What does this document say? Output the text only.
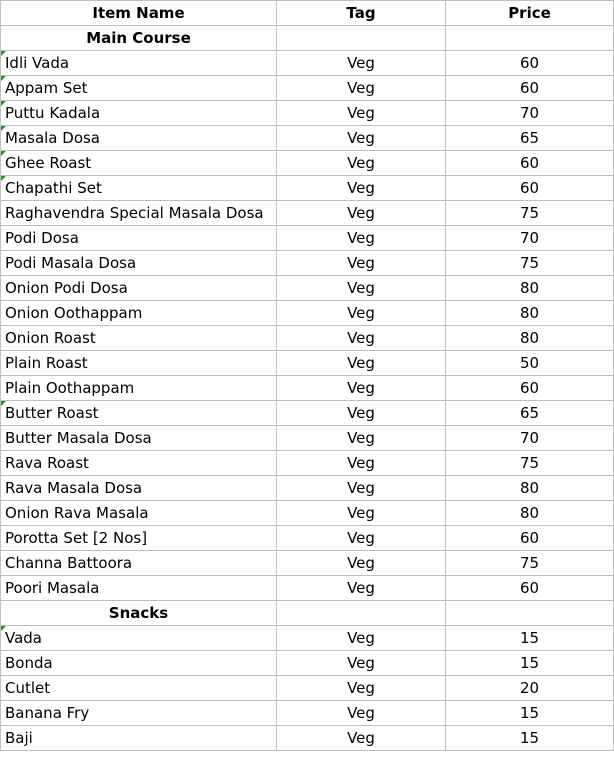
Item Name	Tag	Price
Main Course		
Idli Vada	Veg	60
Appam Set	Veg	60
Puttu Kadala	Veg	70
Masala Dosa	Veg	65
Ghee Roast	Veg	60
Chapathi Set	Veg	60
Raghavendra Special Masala Dosa	Veg	75
Podi Dosa	Veg	70
Podi Masala Dosa	Veg	75
Onion Podi Dosa	Veg	80
Onion Oothappam	Veg	80
Onion Roast	Veg	80
Plain Roast	Veg	50
Plain Oothappam	Veg	60
Butter Roast	Veg	65
Butter Masala Dosa	Veg	70
Rava Roast	Veg	75
Rava Masala Dosa	Veg	80
Onion Rava Masala	Veg	80
Porotta Set [2 Nos]	Veg	60
Channa Battoora	Veg	75
Poori Masala	Veg	60
Snacks		
Vada	Veg	15
Bonda	Veg	15
Cutlet	Veg	20
Banana Fry	Veg	15
Baji	Veg	15
